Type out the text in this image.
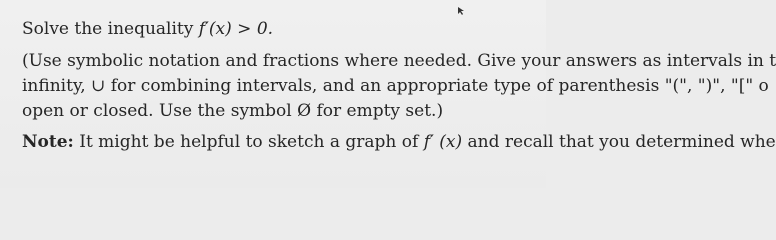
Solve the inequality f′(x) > 0.
(Use symbolic notation and fractions where needed. Give your answers as intervals in t
infinity, ∪ for combining intervals, and an appropriate type of parenthesis "(", ")", "[" o
open or closed. Use the symbol Ø for empty set.)
Note: It might be helpful to sketch a graph of f′ (x) and recall that you determined whe
